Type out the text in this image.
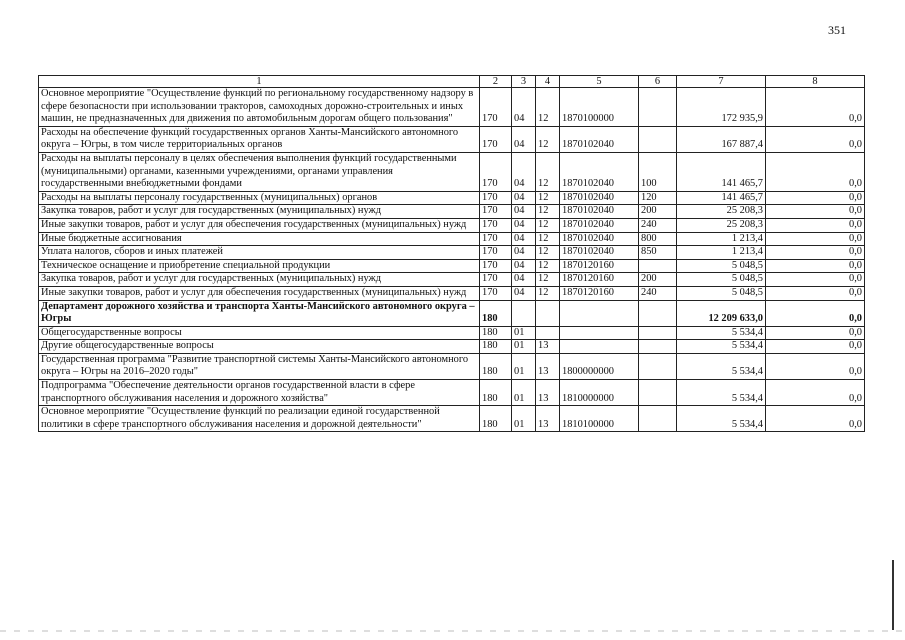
351
1	2	3	4	5	6	7	8
Основное мероприятие "Осуществление функций по региональному государственному надзору в сфере безопасности при использовании тракторов, самоходных дорожно-строительных и иных машин, не предназначенных для движения по автомобильным дорогам общего пользования"	170	04	12	1870100000		172 935,9	0,0
Расходы на обеспечение функций государственных органов Ханты-Мансийского автономного округа – Югры, в том числе территориальных органов	170	04	12	1870102040		167 887,4	0,0
Расходы на выплаты персоналу в целях обеспечения выполнения функций государственными (муниципальными) органами, казенными учреждениями, органами управления государственными внебюджетными фондами	170	04	12	1870102040	100	141 465,7	0,0
Расходы на выплаты персоналу государственных (муниципальных) органов	170	04	12	1870102040	120	141 465,7	0,0
Закупка товаров, работ и услуг для государственных (муниципальных) нужд	170	04	12	1870102040	200	25 208,3	0,0
Иные закупки товаров, работ и услуг для обеспечения государственных (муниципальных) нужд	170	04	12	1870102040	240	25 208,3	0,0
Иные бюджетные ассигнования	170	04	12	1870102040	800	1 213,4	0,0
Уплата налогов, сборов и иных платежей	170	04	12	1870102040	850	1 213,4	0,0
Техническое оснащение и приобретение специальной продукции	170	04	12	1870120160		5 048,5	0,0
Закупка товаров, работ и услуг для государственных (муниципальных) нужд	170	04	12	1870120160	200	5 048,5	0,0
Иные закупки товаров, работ и услуг для обеспечения государственных (муниципальных) нужд	170	04	12	1870120160	240	5 048,5	0,0
Департамент дорожного хозяйства и транспорта Ханты-Мансийского автономного округа – Югры	180					12 209 633,0	0,0
Общегосударственные вопросы	180	01				5 534,4	0,0
Другие общегосударственные вопросы	180	01	13			5 534,4	0,0
Государственная программа "Развитие транспортной системы Ханты-Мансийского автономного округа – Югры на 2016–2020 годы"	180	01	13	1800000000		5 534,4	0,0
Подпрограмма "Обеспечение деятельности органов государственной власти в сфере транспортного обслуживания населения и дорожного хозяйства"	180	01	13	1810000000		5 534,4	0,0
Основное мероприятие "Осуществление функций по реализации единой государственной политики в сфере транспортного обслуживания населения и дорожной деятельности"	180	01	13	1810100000		5 534,4	0,0
